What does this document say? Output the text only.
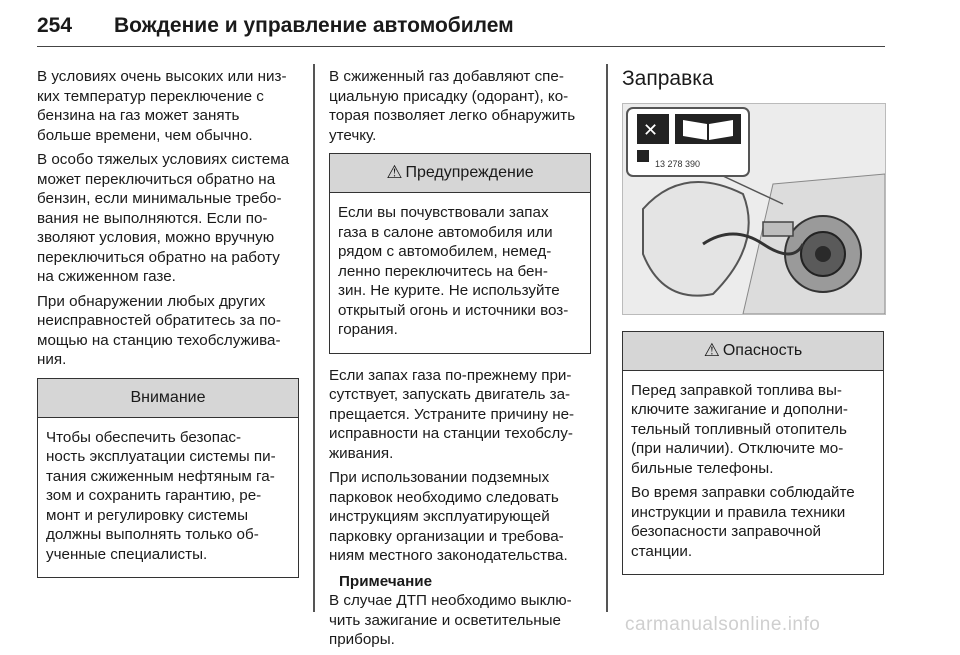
254 Вождение и управление автомобилем

В условиях очень высоких или низ-
ких температур переключение с
бензина на газ может занять
больше времени, чем обычно.

В особо тяжелых условиях система
может переключиться обратно на
бензин, если минимальные требо-
вания не выполняются. Если по-
зволяют условия, можно вручную
переключиться обратно на работу
на сжиженном газе.

При обнаружении любых других
неисправностей обратитесь за по-
мощью на станцию техобслужива-
ния.

Внимание

Чтобы обеспечить безопас-
ность эксплуатации системы пи-
тания сжиженным нефтяным га-
зом и сохранить гарантию, ре-
монт и регулировку системы
должны выполнять только об-
ученные специалисты.

В сжиженный газ добавляют спе-
циальную присадку (одорант), ко-
торая позволяет легко обнаружить
утечку.

⚠ Предупреждение

Если вы почувствовали запах
газа в салоне автомобиля или
рядом с автомобилем, немед-
ленно переключитесь на бен-
зин. Не курите. Не используйте
открытый огонь и источники воз-
горания.

Если запах газа по-прежнему при-
сутствует, запускать двигатель за-
прещается. Устраните причину не-
исправности на станции техобслу-
живания.

При использовании подземных
парковок необходимо следовать
инструкциям эксплуатирующей
парковку организации и требова-
ниям местного законодательства.

Примечание

В случае ДТП необходимо выклю-
чить зажигание и осветительные
приборы.

Заправка
✕
13 278 390
⚠ Опасность

Перед заправкой топлива вы-
ключите зажигание и дополни-
тельный топливный отопитель
(при наличии). Отключите мо-
бильные телефоны.

Во время заправки соблюдайте
инструкции и правила техники
безопасности заправочной
станции.

carmanualsonline.info
